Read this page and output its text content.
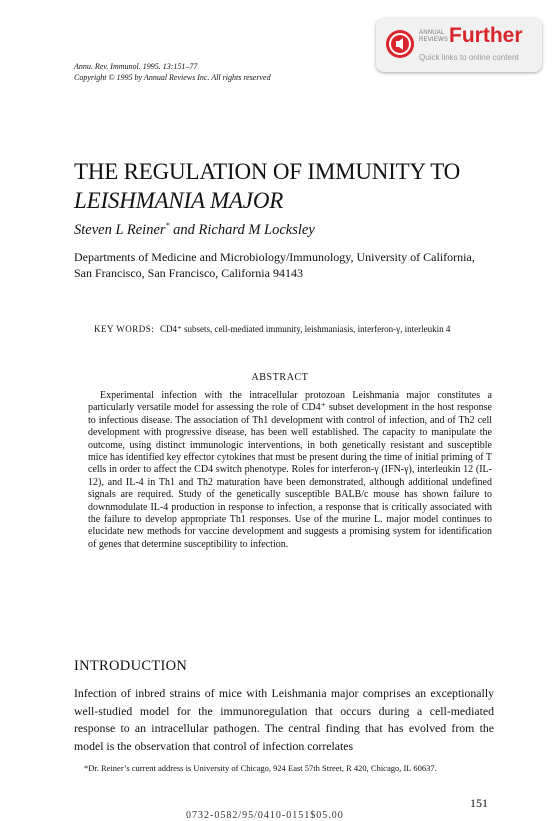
ANNUAL
REVIEWS Further
Quick links to online content
Annu. Rev. Immunol. 1995. 13:151–77
Copyright © 1995 by Annual Reviews Inc. All rights reserved
THE REGULATION OF IMMUNITY TO
LEISHMANIA MAJOR
Steven L Reiner* and Richard M Locksley
Departments of Medicine and Microbiology/Immunology, University of California, San Francisco, San Francisco, California 94143
KEY WORDS: CD4⁺ subsets, cell-mediated immunity, leishmaniasis, interferon-γ, interleukin 4
ABSTRACT

Experimental infection with the intracellular protozoan Leishmania major constitutes a particularly versatile model for assessing the role of CD4⁺ subset development in the host response to infectious disease. The association of Th1 development with control of infection, and of Th2 cell development with progressive disease, has been well established. The capacity to manipulate the outcome, using distinct immunologic interventions, in both genetically resistant and susceptible mice has identified key effector cytokines that must be present during the time of initial priming of T cells in order to affect the CD4 switch phenotype. Roles for interferon-γ (IFN-γ), interleukin 12 (IL-12), and IL-4 in Th1 and Th2 maturation have been demonstrated, although additional undefined signals are required. Study of the genetically susceptible BALB/c mouse has shown failure to downmodulate IL-4 production in response to infection, a response that is critically associated with the failure to develop appropriate Th1 responses. Use of the murine L. major model continues to elucidate new methods for vaccine development and suggests a promising system for identification of genes that determine susceptibility to infection.

INTRODUCTION

Infection of inbred strains of mice with Leishmania major comprises an exceptionally well-studied model for the immunoregulation that occurs during a cell-mediated response to an intracellular pathogen. The central finding that has evolved from the model is the observation that control of infection correlates

*Dr. Reiner’s current address is University of Chicago, 924 East 57th Street, R 420, Chicago, IL 60637.

151
0732-0582/95/0410-0151$05.00
